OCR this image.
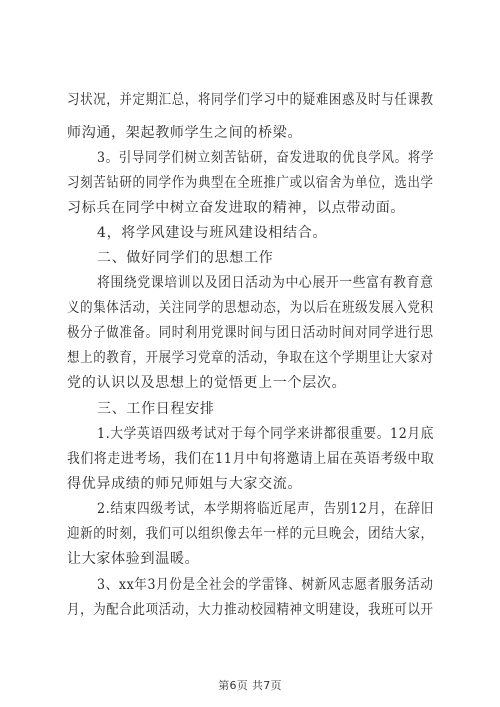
习状况，并定期汇总，将同学们学习中的疑难困惑及时与任课教
师沟通，架起教师学生之间的桥梁。
3。引导同学们树立刻苦钻研，奋发进取的优良学风。将学
习刻苦钻研的同学作为典型在全班推广或以宿舍为单位，选出学
习标兵在同学中树立奋发进取的精神，以点带动面。
4，将学风建设与班风建设相结合。
二、做好同学们的思想工作
将围绕党课培训以及团日活动为中心展开一些富有教育意
义的集体活动，关注同学的思想动态，为以后在班级发展入党积
极分子做准备。同时利用党课时间与团日活动时间对同学进行思
想上的教育，开展学习党章的活动，争取在这个学期里让大家对
党的认识以及思想上的觉悟更上一个层次。
三、工作日程安排
1.大学英语四级考试对于每个同学来讲都很重要。12月底
我们将走进考场，我们在11月中旬将邀请上届在英语考级中取
得优异成绩的师兄师姐与大家交流。
2.结束四级考试，本学期将临近尾声，告别12月，在辞旧
迎新的时刻，我们可以组织像去年一样的元旦晚会，团结大家，
让大家体验到温暖。
3、xx年3月份是全社会的学雷锋、树新风志愿者服务活动
月，为配合此项活动，大力推动校园精神文明建设，我班可以开
第6页 共7页
